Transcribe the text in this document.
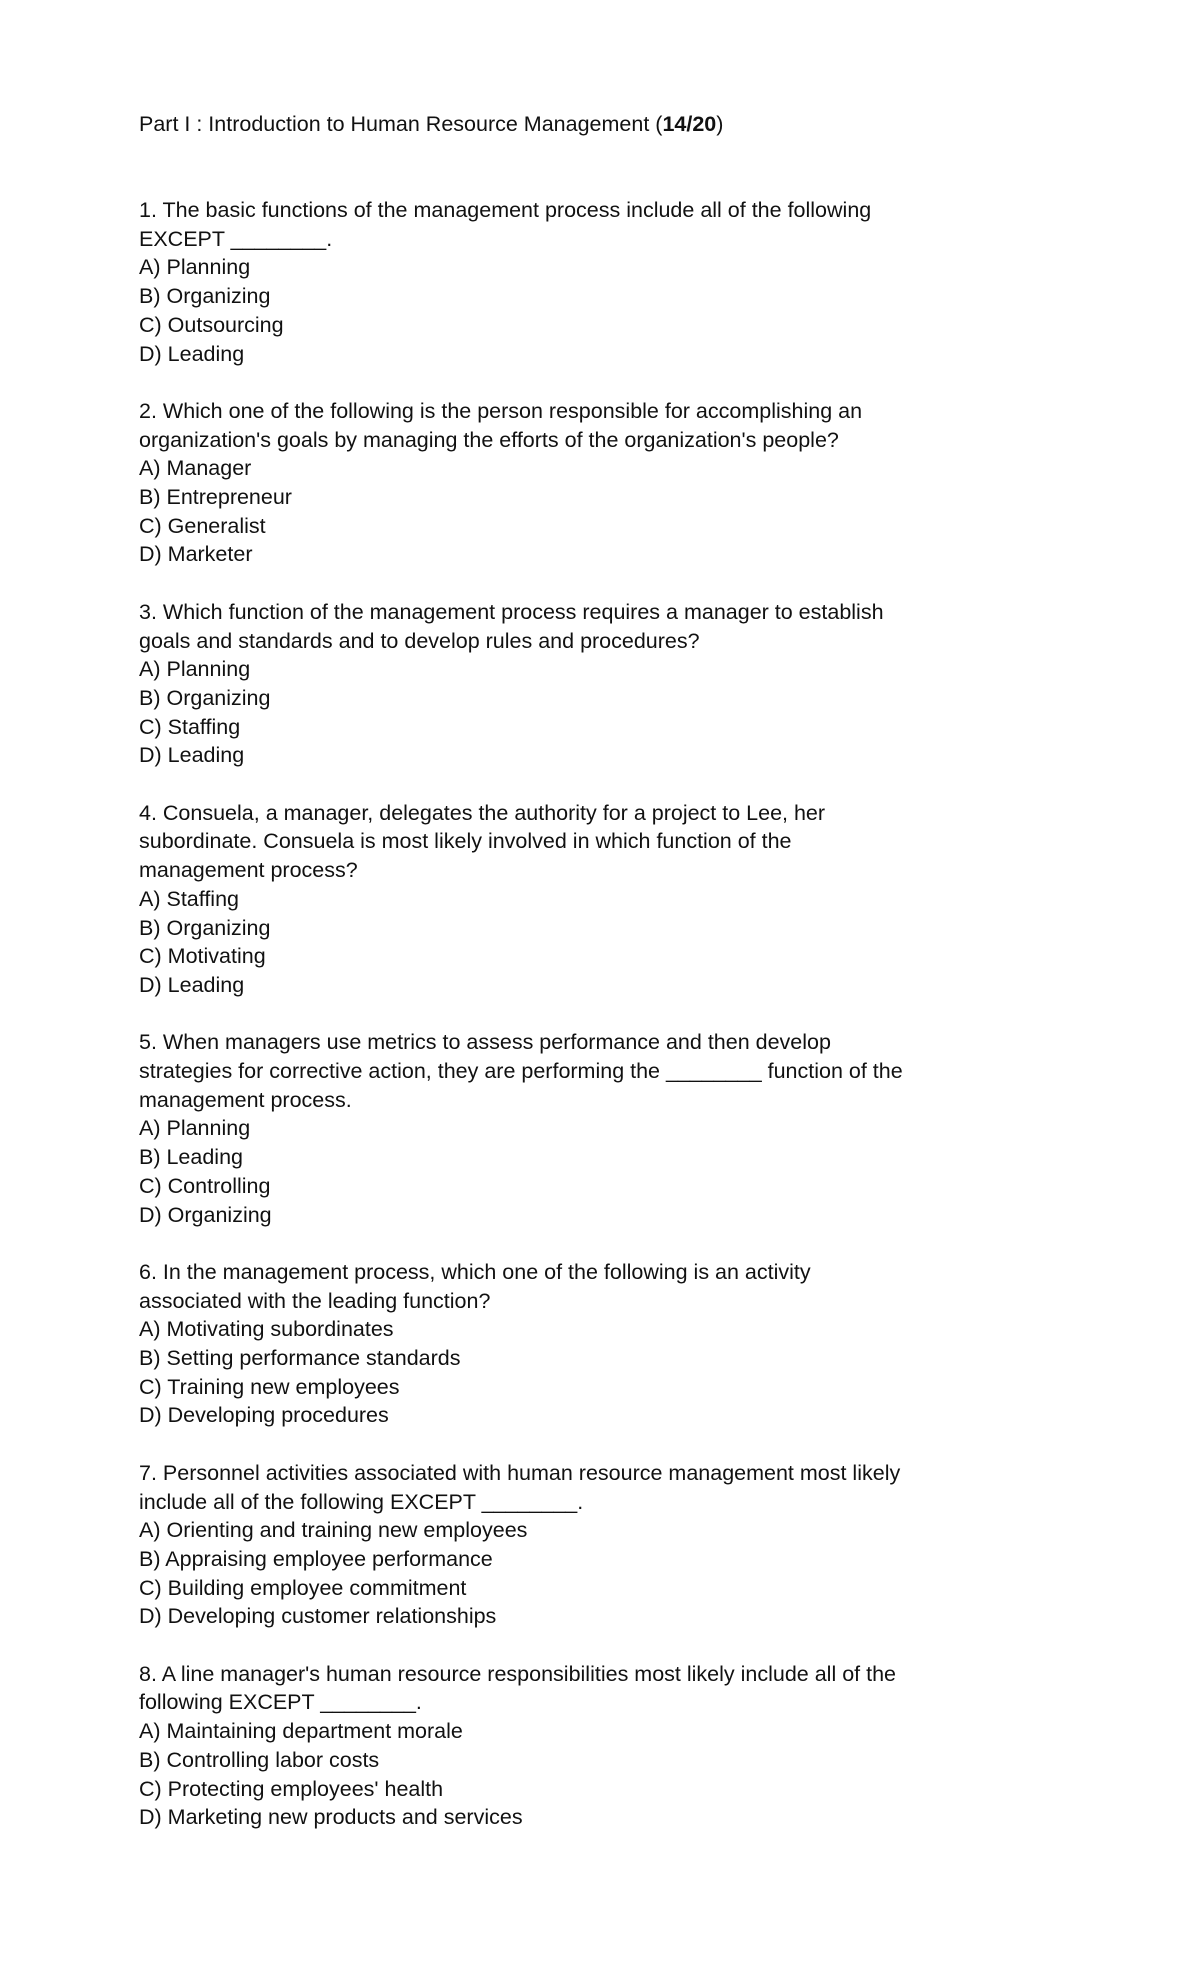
Part I : Introduction to Human Resource Management (14/20)
1. The basic functions of the management process include all of the following
EXCEPT ________.
A) Planning
B) Organizing
C) Outsourcing
D) Leading
2. Which one of the following is the person responsible for accomplishing an
organization's goals by managing the efforts of the organization's people?
A) Manager
B) Entrepreneur
C) Generalist
D) Marketer
3. Which function of the management process requires a manager to establish
goals and standards and to develop rules and procedures?
A) Planning
B) Organizing
C) Staffing
D) Leading
4. Consuela, a manager, delegates the authority for a project to Lee, her
subordinate. Consuela is most likely involved in which function of the
management process?
A) Staffing
B) Organizing
C) Motivating
D) Leading
5. When managers use metrics to assess performance and then develop
strategies for corrective action, they are performing the ________ function of the
management process.
A) Planning
B) Leading
C) Controlling
D) Organizing
6. In the management process, which one of the following is an activity
associated with the leading function?
A) Motivating subordinates
B) Setting performance standards
C) Training new employees
D) Developing procedures
7. Personnel activities associated with human resource management most likely
include all of the following EXCEPT ________.
A) Orienting and training new employees
B) Appraising employee performance
C) Building employee commitment
D) Developing customer relationships
8. A line manager's human resource responsibilities most likely include all of the
following EXCEPT ________.
A) Maintaining department morale
B) Controlling labor costs
C) Protecting employees' health
D) Marketing new products and services
